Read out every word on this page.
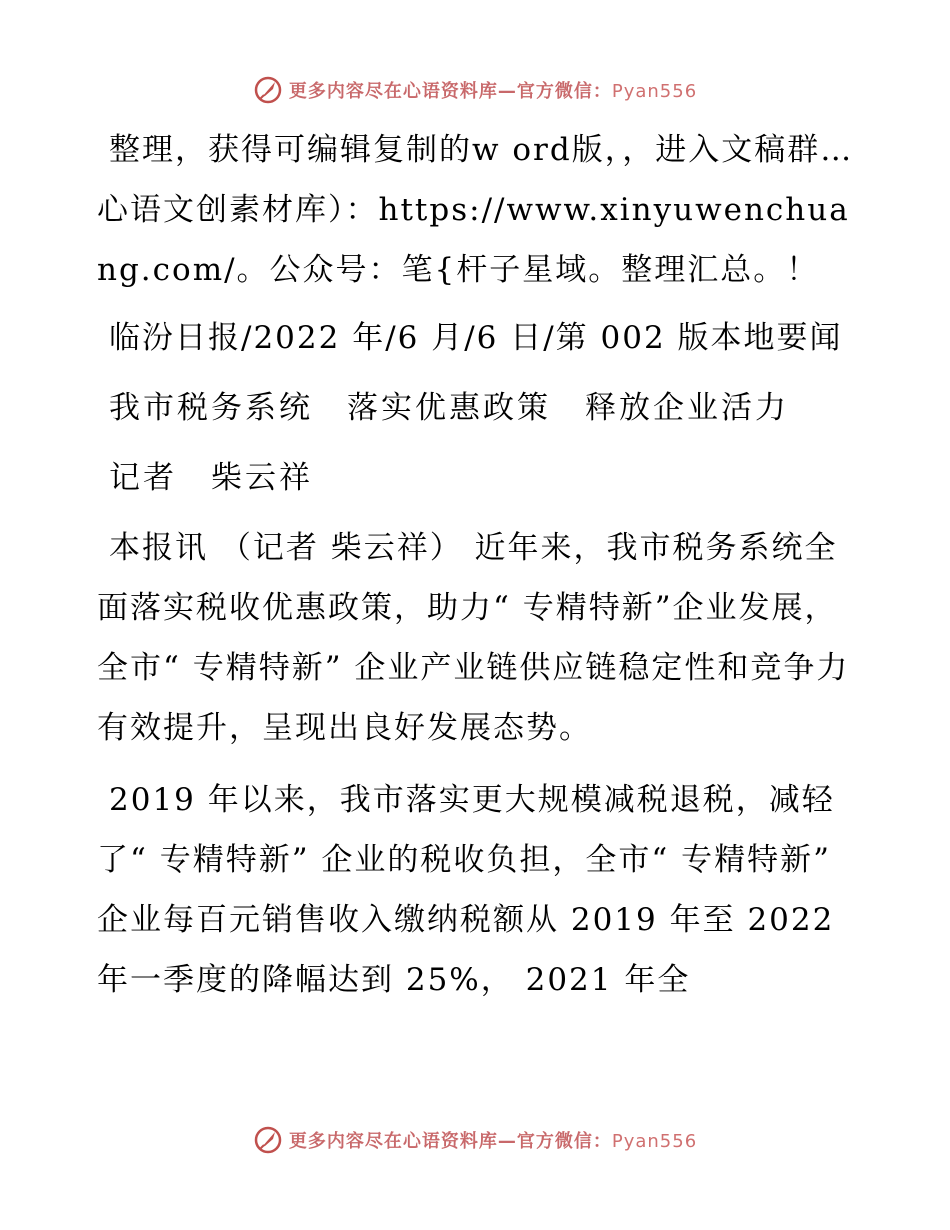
更多内容尽在心语资料库—官方微信：Pyan556

整理，获得可编辑复制的w ord版，，进入文稿群…心语文创素材库）：https://www.xinyuwenchuang.com/。公众号：笔{杆子星域。整理汇总。！

临汾日报/2022 年/6 月/6 日/第 002 版本地要闻

我市税务系统　落实优惠政策　释放企业活力

记者　柴云祥

本报讯 （记者 柴云祥） 近年来，我市税务系统全面落实税收优惠政策，助力“ 专精特新”企业发展，全市“ 专精特新” 企业产业链供应链稳定性和竞争力有效提升，呈现出良好发展态势。

2019 年以来，我市落实更大规模减税退税，减轻了“ 专精特新” 企业的税收负担，全市“ 专精特新” 企业每百元销售收入缴纳税额从 2019 年至 2022 年一季度的降幅达到 25%， 2021 年全

更多内容尽在心语资料库—官方微信：Pyan556
